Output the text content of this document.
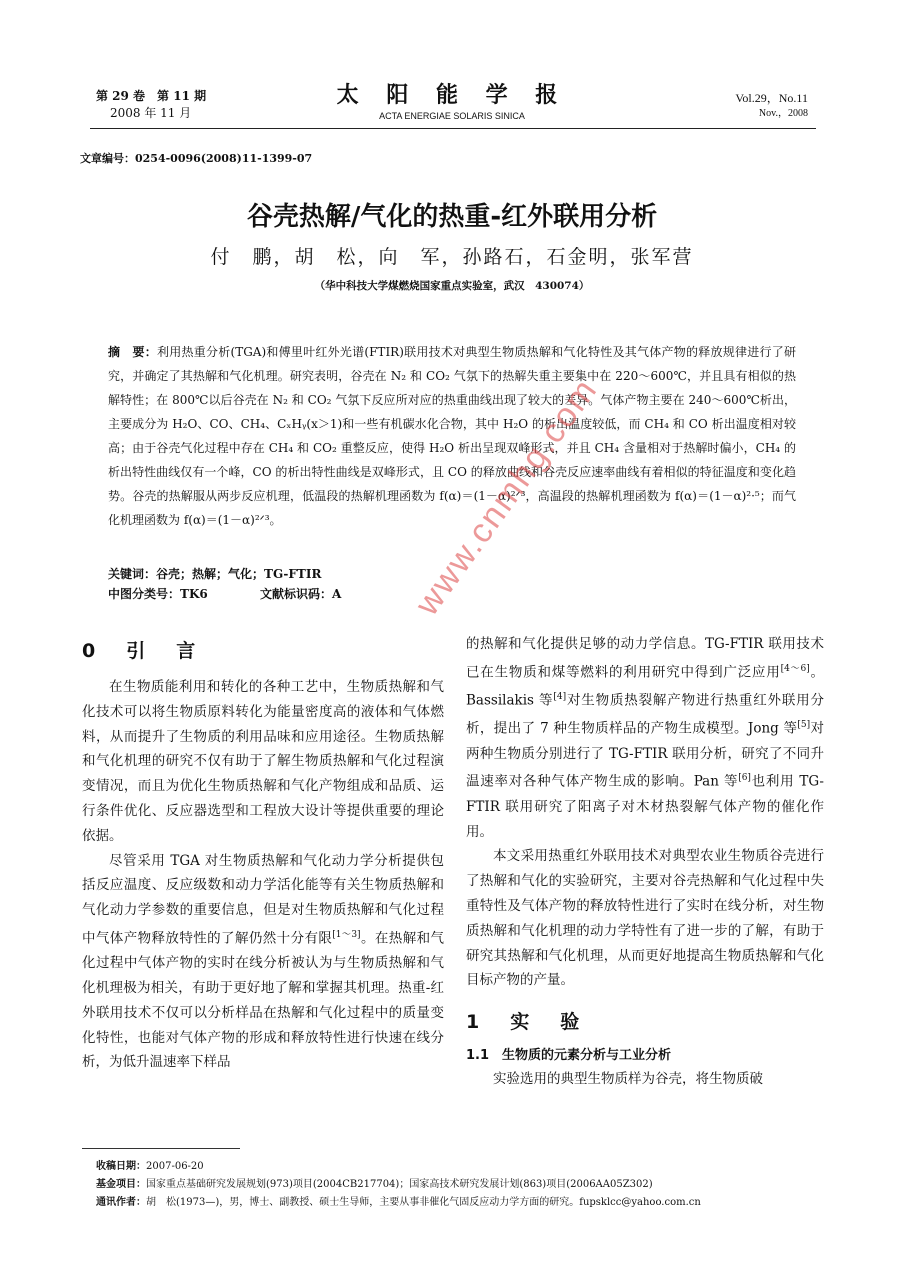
第 29 卷　第 11 期
2008 年 11 月
太 阳 能 学 报
ACTA ENERGIAE SOLARIS SINICA
Vol.29，No.11
Nov.，2008
文章编号：0254-0096(2008)11-1399-07
谷壳热解/气化的热重-红外联用分析
付　鹏，胡　松，向　军，孙路石，石金明，张军营
（华中科技大学煤燃烧国家重点实验室，武汉　430074）
摘　要：利用热重分析(TGA)和傅里叶红外光谱(FTIR)联用技术对典型生物质热解和气化特性及其气体产物的释放规律进行了研究，并确定了其热解和气化机理。研究表明，谷壳在 N₂ 和 CO₂ 气氛下的热解失重主要集中在 220～600℃，并且具有相似的热解特性；在 800℃以后谷壳在 N₂ 和 CO₂ 气氛下反应所对应的热重曲线出现了较大的差异。气体产物主要在 240～600℃析出，主要成分为 H₂O、CO、CH₄、CₓHᵧ(x＞1)和一些有机碳水化合物，其中 H₂O 的析出温度较低，而 CH₄ 和 CO 析出温度相对较高；由于谷壳气化过程中存在 CH₄ 和 CO₂ 重整反应，使得 H₂O 析出呈现双峰形式，并且 CH₄ 含量相对于热解时偏小，CH₄ 的析出特性曲线仅有一个峰，CO 的析出特性曲线是双峰形式，且 CO 的释放曲线和谷壳反应速率曲线有着相似的特征温度和变化趋势。谷壳的热解服从两步反应机理，低温段的热解机理函数为 f(α)＝(1－α)²ᐟ³，高温段的热解机理函数为 f(α)＝(1－α)²·⁵；而气化机理函数为 f(α)＝(1－α)²ᐟ³。
关键词：谷壳；热解；气化；TG-FTIR
中图分类号：TK6	文献标识码：A
0　引　言

在生物质能利用和转化的各种工艺中，生物质热解和气化技术可以将生物质原料转化为能量密度高的液体和气体燃料，从而提升了生物质的利用品味和应用途径。生物质热解和气化机理的研究不仅有助于了解生物质热解和气化过程演变情况，而且为优化生物质热解和气化产物组成和品质、运行条件优化、反应器选型和工程放大设计等提供重要的理论依据。

尽管采用 TGA 对生物质热解和气化动力学分析提供包括反应温度、反应级数和动力学活化能等有关生物质热解和气化动力学参数的重要信息，但是对生物质热解和气化过程中气体产物释放特性的了解仍然十分有限[1～3]。在热解和气化过程中气体产物的实时在线分析被认为与生物质热解和气化机理极为相关，有助于更好地了解和掌握其机理。热重-红外联用技术不仅可以分析样品在热解和气化过程中的质量变化特性，也能对气体产物的形成和释放特性进行快速在线分析，为低升温速率下样品

的热解和气化提供足够的动力学信息。TG-FTIR 联用技术已在生物质和煤等燃料的利用研究中得到广泛应用[4～6]。Bassilakis 等[4]对生物质热裂解产物进行热重红外联用分析，提出了 7 种生物质样品的产物生成模型。Jong 等[5]对两种生物质分别进行了 TG-FTIR 联用分析，研究了不同升温速率对各种气体产物生成的影响。Pan 等[6]也利用 TG-FTIR 联用研究了阳离子对木材热裂解气体产物的催化作用。

本文采用热重红外联用技术对典型农业生物质谷壳进行了热解和气化的实验研究，主要对谷壳热解和气化过程中失重特性及气体产物的释放特性进行了实时在线分析，对生物质热解和气化机理的动力学特性有了进一步的了解，有助于研究其热解和气化机理，从而更好地提高生物质热解和气化目标产物的产量。

1　实　验
1.1　生物质的元素分析与工业分析

实验选用的典型生物质样为谷壳，将生物质破

收稿日期：2007-06-20
基金项目：国家重点基础研究发展规划(973)项目(2004CB217704)；国家高技术研究发展计划(863)项目(2006AA05Z302)
通讯作者：胡　松(1973—)，男，博士、副教授、硕士生导师，主要从事非催化气固反应动力学方面的研究。fupsklcc@yahoo.com.cn
www.cnmhg.com
